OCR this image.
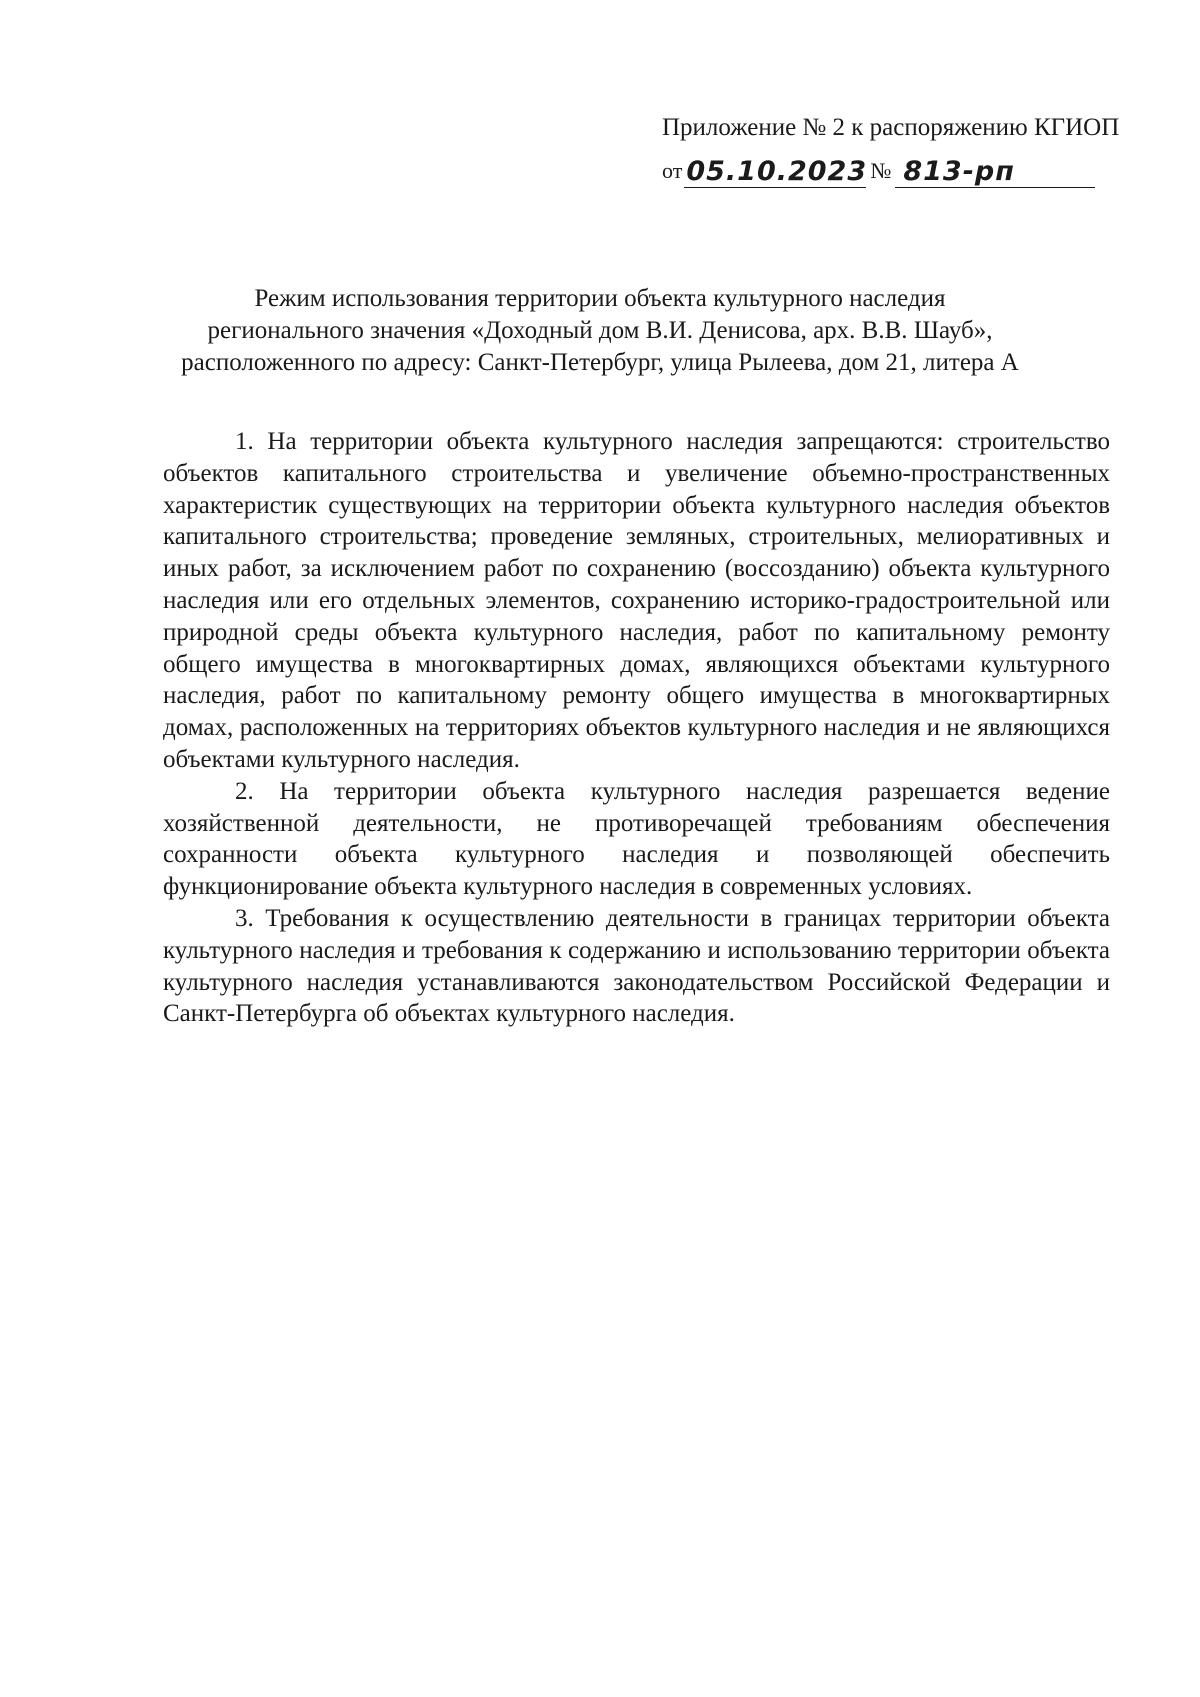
Приложение № 2 к распоряжению КГИОП
от 05.10.2023 № 813-рп
Режим использования территории объекта культурного наследия
регионального значения «Доходный дом В.И. Денисова, арх. В.В. Шауб»,
расположенного по адресу: Санкт-Петербург, улица Рылеева, дом 21, литера А

1. На территории объекта культурного наследия запрещаются: строительство объектов капитального строительства и увеличение объемно-пространственных характеристик существующих на территории объекта культурного наследия объектов капитального строительства; проведение земляных, строительных, мелиоративных и иных работ, за исключением работ по сохранению (воссозданию) объекта культурного наследия или его отдельных элементов, сохранению историко-градостроительной или природной среды объекта культурного наследия, работ по капитальному ремонту общего имущества в многоквартирных домах, являющихся объектами культурного наследия, работ по капитальному ремонту общего имущества в многоквартирных домах, расположенных на территориях объектов культурного наследия и не являющихся объектами культурного наследия.

2. На территории объекта культурного наследия разрешается ведение хозяйственной деятельности, не противоречащей требованиям обеспечения сохранности объекта культурного наследия и позволяющей обеспечить функционирование объекта культурного наследия в современных условиях.

3. Требования к осуществлению деятельности в границах территории объекта культурного наследия и требования к содержанию и использованию территории объекта культурного наследия устанавливаются законодательством Российской Федерации и Санкт-Петербурга об объектах культурного наследия.
